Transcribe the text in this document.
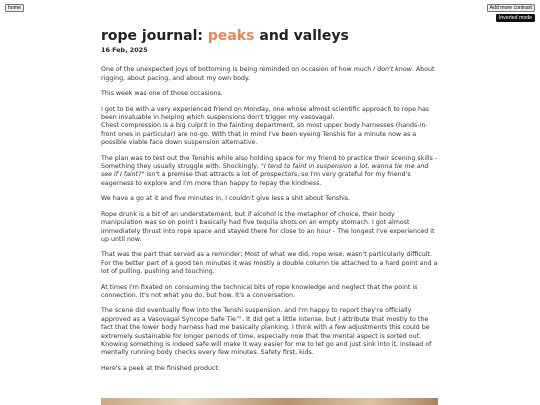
home	Add more contrast
Inverted mode
rope journal: peaks and valleys
16 Feb, 2025

One of the unexpected joys of bottoming is being reminded on occasion of how much I don't know. About rigging, about pacing, and about my own body.

This week was one of those occasions.

I got to tie with a very experienced friend on Monday, one whose almost scientific approach to rope has been invaluable in helping which suspensions don't trigger my vasovagal.
Chest compression is a big culprit in the fainting department, so most upper body harnesses (hands-in-front ones in particular) are no-go. With that in mind I've been eyeing Tenshis for a minute now as a possible viable face down suspension alternative.

The plan was to test out the Tenshis while also holding space for my friend to practice their scening skills - Something they usually struggle with. Shockingly, "I tend to faint in suspension a lot, wanna tie me and see if I faint?" isn't a premise that attracts a lot of prospectors, so I'm very grateful for my friend's eagerness to explore and I'm more than happy to repay the kindness.

We have a go at it and five minutes in, I couldn't give less a shit about Tenshis.

Rope drunk is a bit of an understatement, but if alcohol is the metaphor of choice, their body manipulation was so on point I basically had five tequila shots on an empty stomach. I got almost immediately thrust into rope space and stayed there for close to an hour - The longest I've experienced it up until now.

That was the part that served as a reminder; Most of what we did, rope wise, wasn't particularly difficult. For the better part of a good ten minutes it was mostly a double column tie attached to a hard point and a lot of pulling, pushing and touching.

At times I'm fixated on consuming the technical bits of rope knowledge and neglect that the point is connection. It's not what you do, but how. It's a conversation.

The scene did eventually flow into the Tenshi suspension, and I'm happy to report they're officially approved as a Vasovagal Syncope Safe Tie™. It did get a little intense, but I attribute that mostly to the fact that the lower body harness had me basically planking. I think with a few adjustments this could be extremely sustainable for longer periods of time, especially now that the mental aspect is sorted out. Knowing something is indeed safe will make it way easier for me to let go and just sink into it, instead of mentally running body checks every few minutes. Safety first, kids.

Here's a peek at the finished product:
